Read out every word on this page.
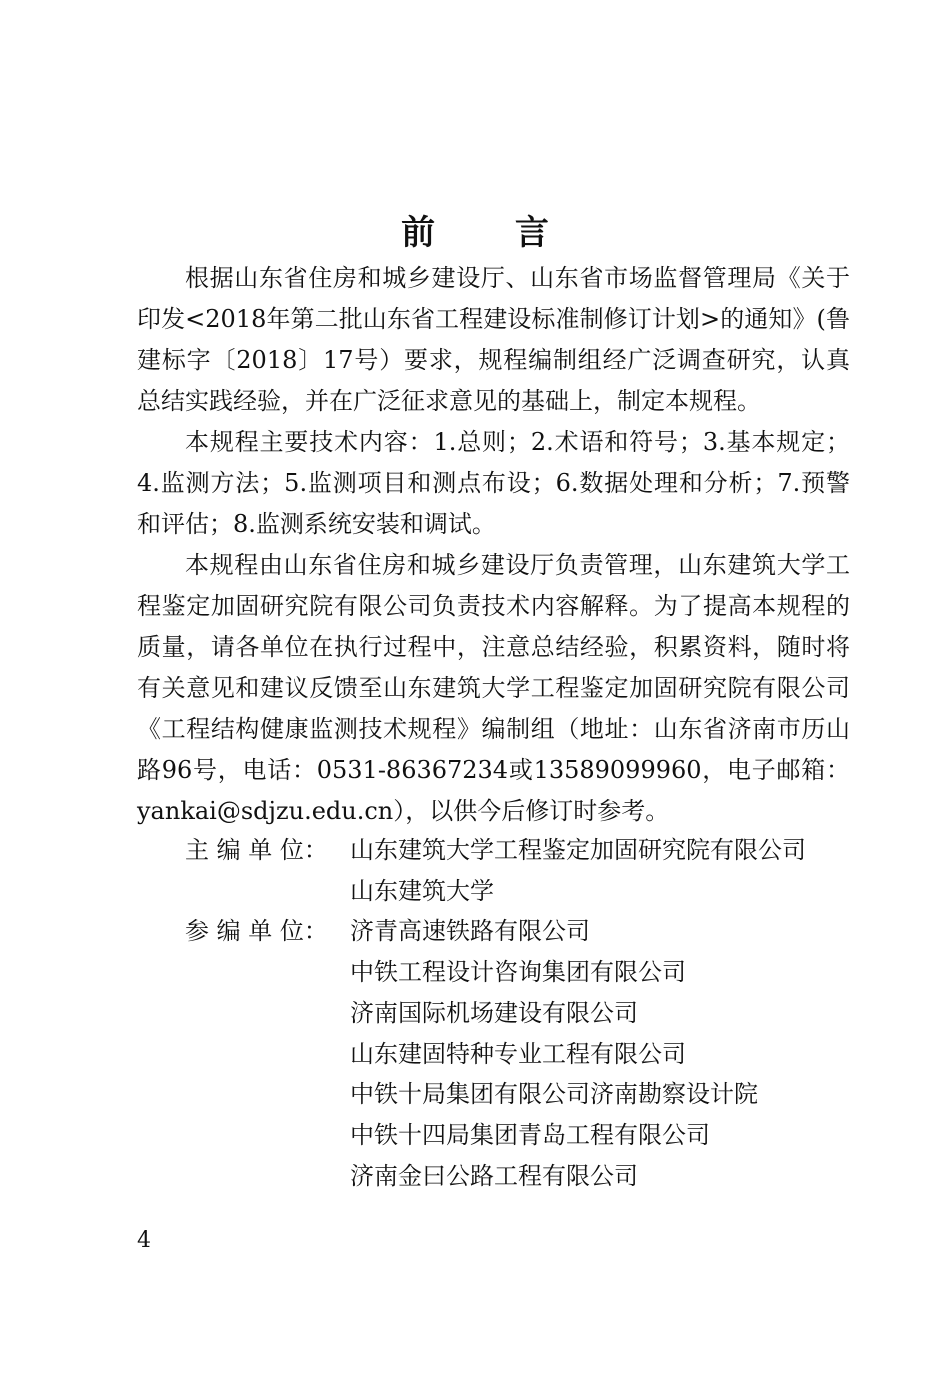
前 言

根据山东省住房和城乡建设厅、山东省市场监督管理局《关于印发<2018年第二批山东省工程建设标准制修订计划>的通知》(鲁建标字〔2018〕17号）要求，规程编制组经广泛调查研究，认真总结实践经验，并在广泛征求意见的基础上，制定本规程。

本规程主要技术内容：1.总则；2.术语和符号；3.基本规定；4.监测方法；5.监测项目和测点布设；6.数据处理和分析；7.预警和评估；8.监测系统安装和调试。

本规程由山东省住房和城乡建设厅负责管理，山东建筑大学工程鉴定加固研究院有限公司负责技术内容解释。为了提高本规程的质量，请各单位在执行过程中，注意总结经验，积累资料，随时将有关意见和建议反馈至山东建筑大学工程鉴定加固研究院有限公司《工程结构健康监测技术规程》编制组（地址：山东省济南市历山路96号，电话：0531-86367234或13589099960，电子邮箱：yankai@sdjzu.edu.cn），以供今后修订时参考。

主 编 单 位： 山东建筑大学工程鉴定加固研究院有限公司
山东建筑大学
参 编 单 位： 济青高速铁路有限公司
中铁工程设计咨询集团有限公司
济南国际机场建设有限公司
山东建固特种专业工程有限公司
中铁十局集团有限公司济南勘察设计院
中铁十四局集团青岛工程有限公司
济南金曰公路工程有限公司
4
